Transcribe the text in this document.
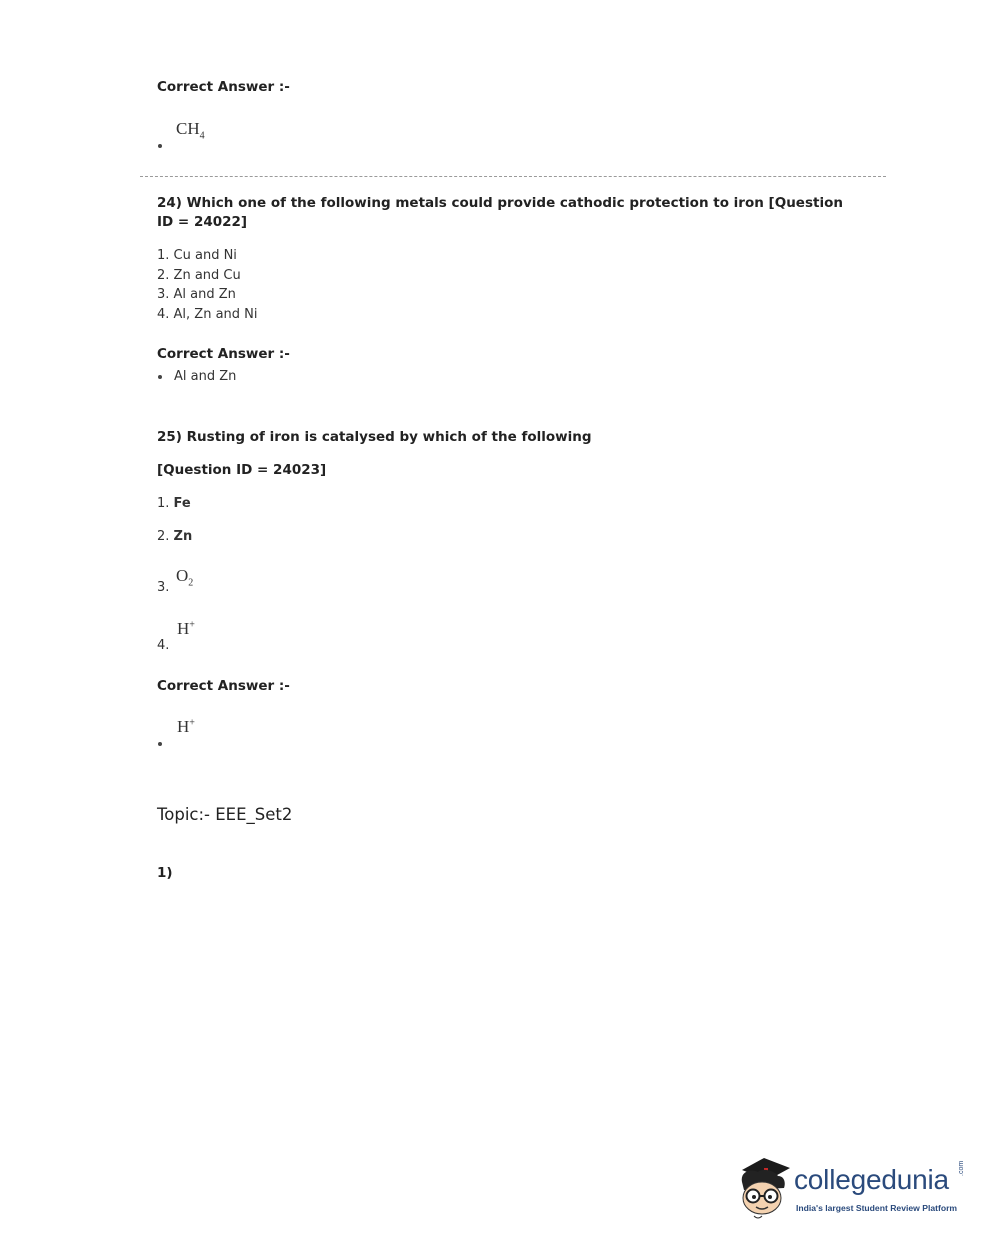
Correct Answer :-
$CH_4$
24) Which one of the following metals could provide cathodic protection to iron [Question ID = 24022]
1. Cu and Ni
2. Zn and Cu
3. Al and Zn
4. Al, Zn and Ni
Correct Answer :-
Al and Zn
25) Rusting of iron is catalysed by which of the following
[Question ID = 24023]
1. Fe
2. Zn
$O_2$
3.
H+
4.
Correct Answer :-
H+
Topic:- EEE_Set2
1)
collegedunia .com
India's largest Student Review Platform
